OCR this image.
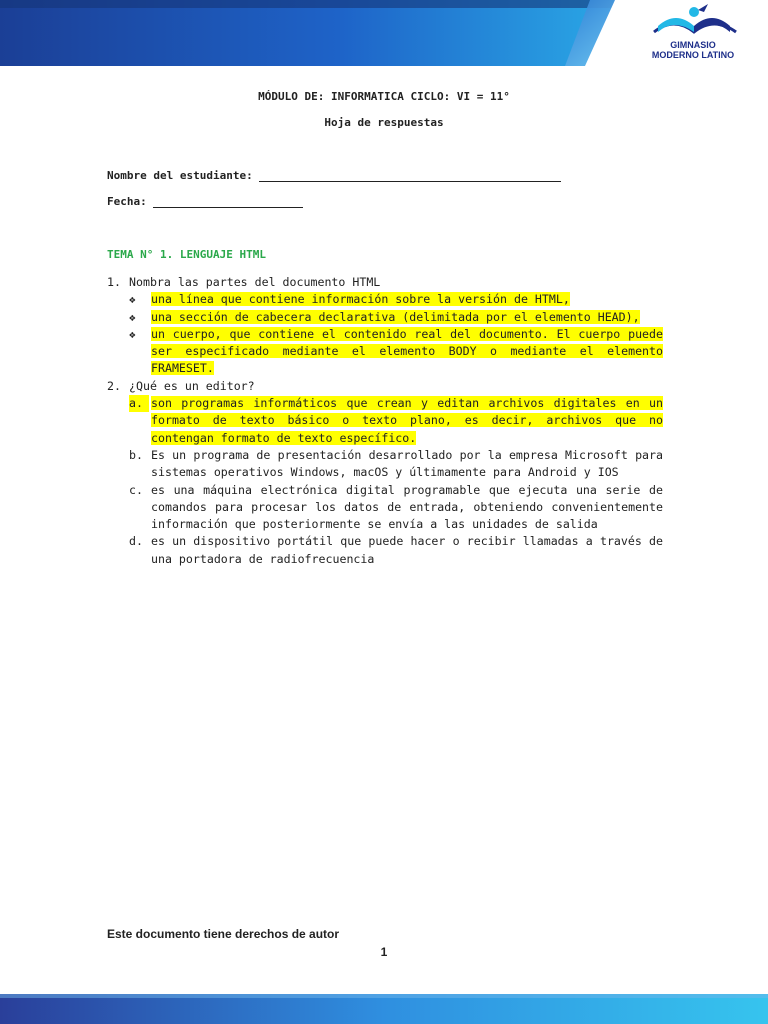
GIMNASIO
MODERNO LATINO
MÓDULO DE: INFORMATICA CICLO: VI = 11°
Hoja de respuestas
Nombre del estudiante:
Fecha:
TEMA N° 1. LENGUAJE HTML
1. Nombra las partes del documento HTML
❖	una línea que contiene información sobre la versión de HTML,
❖	una sección de cabecera declarativa (delimitada por el elemento HEAD),
❖	un cuerpo, que contiene el contenido real del documento. El cuerpo puede ser especificado mediante el elemento BODY o mediante el elemento FRAMESET.
2. ¿Qué es un editor?
a. son programas informáticos que crean y editan archivos digitales en un formato de texto básico o texto plano, es decir, archivos que no contengan formato de texto específico.
b. Es un programa de presentación desarrollado por la empresa Microsoft para sistemas operativos Windows, macOS y últimamente para Android y IOS
c. es una máquina electrónica digital programable que ejecuta una serie de comandos para procesar los datos de entrada, obteniendo convenientemente información que posteriormente se envía a las unidades de salida
d. es un dispositivo portátil que puede hacer o recibir llamadas a través de una portadora de radiofrecuencia
Este documento tiene derechos de autor
1
